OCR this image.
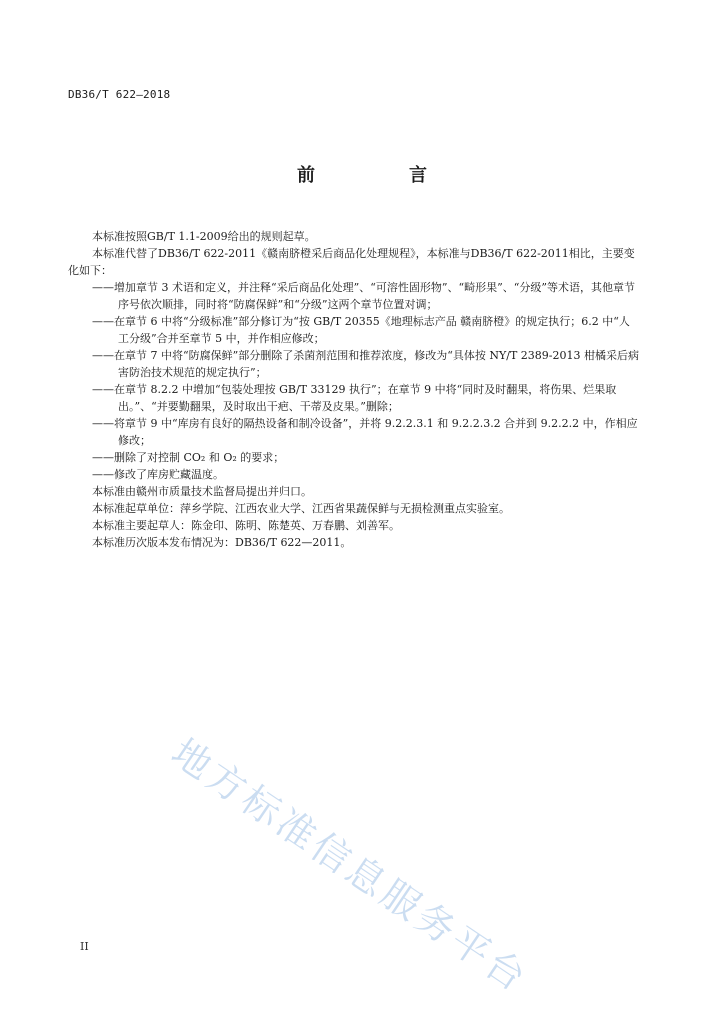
DB36/T 622—2018
前　言

本标准按照GB/T 1.1-2009给出的规则起草。

本标准代替了DB36/T 622-2011《赣南脐橙采后商品化处理规程》，本标准与DB36/T 622-2011相比，主要变化如下：

——增加章节 3 术语和定义，并注释“采后商品化处理”、“可溶性固形物”、“畸形果”、“分级”等术语，其他章节序号依次顺排，同时将“防腐保鲜”和“分级”这两个章节位置对调；

——在章节 6 中将“分级标准”部分修订为“按 GB/T 20355《地理标志产品 赣南脐橙》的规定执行；6.2 中“人工分级”合并至章节 5 中，并作相应修改；

——在章节 7 中将“防腐保鲜”部分删除了杀菌剂范围和推荐浓度，修改为“具体按 NY/T 2389-2013 柑橘采后病害防治技术规范的规定执行”；

——在章节 8.2.2 中增加“包装处理按 GB/T 33129 执行”；在章节 9 中将“同时及时翻果，将伤果、烂果取出。”、“并要勤翻果，及时取出干疤、干蒂及皮果。”删除；

——将章节 9 中“库房有良好的隔热设备和制冷设备”，并将 9.2.2.3.1 和 9.2.2.3.2 合并到 9.2.2.2 中，作相应修改；

——删除了对控制 CO₂ 和 O₂ 的要求；

——修改了库房贮藏温度。

本标准由赣州市质量技术监督局提出并归口。

本标准起草单位：萍乡学院、江西农业大学、江西省果蔬保鲜与无损检测重点实验室。

本标准主要起草人：陈金印、陈明、陈楚英、万春鹏、刘善军。

本标准历次版本发布情况为：DB36/T 622—2011。

地方标准信息服务平台
II
